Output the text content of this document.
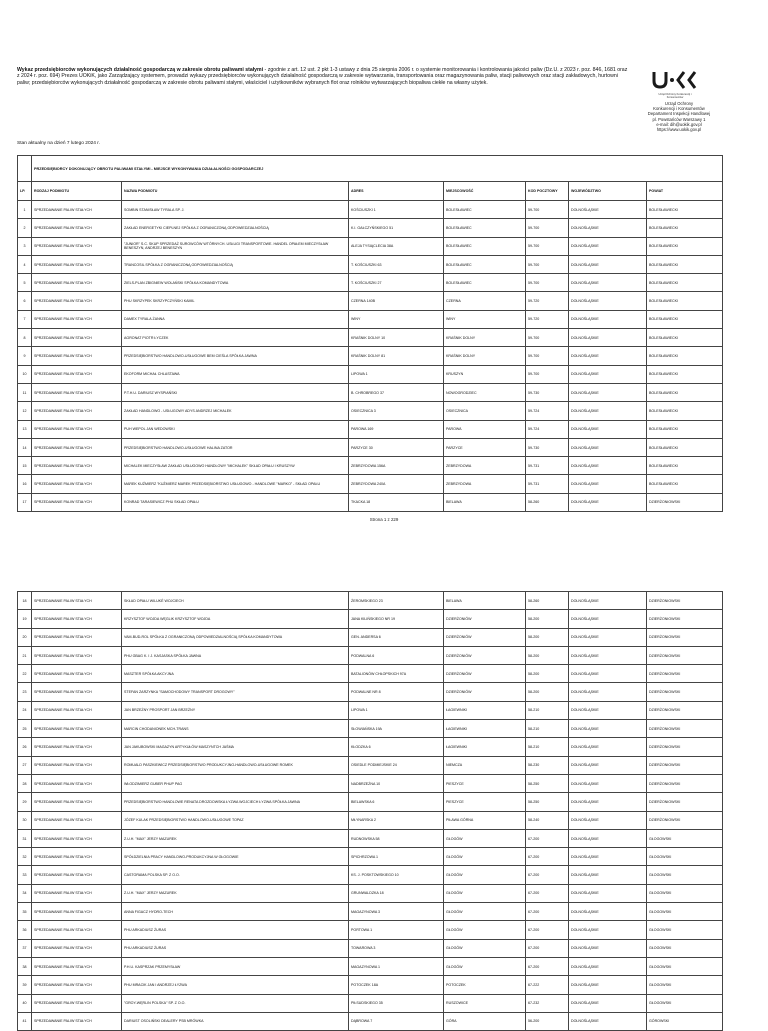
Wykaz przedsiębiorców wykonujących działalność gospodarczą w zakresie obrotu paliwami stałymi - zgodnie z art. 12 ust. 2 pkt 1-3 ustawy z dnia 25 sierpnia 2006 r. o systemie monitorowania i kontrolowania jakości paliw (Dz.U. z 2023 r. poz. 846, 1681 oraz z 2024 r. poz. 694) Prezes UOKiK, jako Zarządzający systemem, prowadzi wykazy przedsiębiorców wykonujących działalność gospodarczą w zakresie wytwarzania, transportowania oraz magazynowania paliw, stacji paliwowych oraz stacji zakładowych, hurtowni paliw; przedsiębiorców wykonujących działalność gospodarczą w zakresie obrotu paliwami stałymi, właściciel i użytkowników wybranych flot oraz rolników wytwarzających biopaliwa ciekłe na własny użytek.
Urząd Ochrony Konkurencji i Konsumentów
Urząd Ochrony
Konkurencji i Konsumentów
Departament Inspekcji Handlowej
pl. Powstańców Warszawy 1
e-mail: dih@uokik.gov.pl
https://www.uokik.gov.pl
Stan aktualny na dzień 7 lutego 2024 r.
	PRZEDSIĘBIORCY DOKONUJĄCY OBROTU PALIWAMI STAŁYMI - MIEJSCE WYKONYWANIA DZIAŁALNOŚCI GOSPODARCZEJ						
LP.	RODZAJ PODMIOTU	NAZWA PODMIOTU	ADRES	MIEJSCOWOŚĆ	KOD POCZTOWY	WOJEWÓDZTWO	POWIAT
1	SPRZEDAWANIE PALIW STAŁYCH	SOMBIN STANISŁAW TYRALA SP. J.	KOŚCIUSZKI 1	BOLESŁAWIEC	59-700	DOLNOŚLĄSKIE	BOLESŁAWIECKI
2	SPRZEDAWANIE PALIW STAŁYCH	ZAKŁAD ENERGETYKI CIEPLNEJ SPÓŁKA Z OGRANICZONĄ ODPOWIEDZIALNOŚCIĄ	K.I. GAŁCZYŃSKIEGO 51	BOLESŁAWIEC	59-700	DOLNOŚLĄSKIE	BOLESŁAWIECKI
3	SPRZEDAWANIE PALIW STAŁYCH	"JUNIOR" S.C. SKUP SPRZEDAŻ SUROWCÓW WTÓRNYCH. USŁUGI TRANSPORTOWE. HANDEL OPAŁEM MIECZYSŁAW BENESZYN, ANDRZEJ BENESZYN	ALEJA TYSIĄCLECIA 38A	BOLESŁAWIEC	59-700	DOLNOŚLĄSKIE	BOLESŁAWIECKI
4	SPRZEDAWANIE PALIW STAŁYCH	TRANCOSIL SPÓŁKA Z OGRANICZONĄ ODPOWIEDZIALNOŚCIĄ	T. KOŚCIUSZKI 63	BOLESŁAWIEC	59-700	DOLNOŚLĄSKIE	BOLESŁAWIECKI
5	SPRZEDAWANIE PALIW STAŁYCH	ZIELS-PLAN ZBIGNIEW WOLAŃSKI SPÓŁKA KOMANDYTOWA	T. KOŚCIUSZKI 27	BOLESŁAWIEC	59-700	DOLNOŚLĄSKIE	BOLESŁAWIECKI
6	SPRZEDAWANIE PALIW STAŁYCH	PHU SKRZYPEK SKRZYPCZYŃSKI KAMIL	CZERNA 140B	CZERNA	59-720	DOLNOŚLĄSKIE	BOLESŁAWIECKI
7	SPRZEDAWANIE PALIW STAŁYCH	DAMEX TYRALA ŻANNA	WINY	WINY	59-720	DOLNOŚLĄSKIE	BOLESŁAWIECKI
8	SPRZEDAWANIE PALIW STAŁYCH	AGRONAT PIOTR ŁYCZEK	KRAŚNIK DOLNY 10	KRAŚNIK DOLNY	59-700	DOLNOŚLĄSKIE	BOLESŁAWIECKI
9	SPRZEDAWANIE PALIW STAŁYCH	PRZEDSIĘBIORSTWO HANDLOWO-USŁUGOWE BEM CIEŚLA SPÓŁKA JAWNA	KRAŚNIK DOLNY 81	KRAŚNIK DOLNY	59-700	DOLNOŚLĄSKIE	BOLESŁAWIECKI
10	SPRZEDAWANIE PALIW STAŁYCH	EKOFORM MICHAŁ CHLASTAWA	LIPOWA 1	KRUSZYN	59-700	DOLNOŚLĄSKIE	BOLESŁAWIECKI
11	SPRZEDAWANIE PALIW STAŁYCH	P.T.H.U. DARIUSZ WYSPIAŃSKI	B. CHROBREGO 37	NOWOGRODZIEC	59-730	DOLNOŚLĄSKIE	BOLESŁAWIECKI
12	SPRZEDAWANIE PALIW STAŁYCH	ZAKŁAD HANDLOWO - USŁUGOWY ADYS ANDRZEJ MICHALEK	OSIECZNICA 3	OSIECZNICA	59-724	DOLNOŚLĄSKIE	BOLESŁAWIECKI
13	SPRZEDAWANIE PALIW STAŁYCH	PUH WEPOL JAN WEDOWSKI	PAROWA 169	PAROWA	59-724	DOLNOŚLĄSKIE	BOLESŁAWIECKI
14	SPRZEDAWANIE PALIW STAŁYCH	PRZEDSIĘBIORSTWO HANDLOWO-USŁUGOWE HALINA ZATOR	PARZYCE 30	PARZYCE	59-730	DOLNOŚLĄSKIE	BOLESŁAWIECKI
15	SPRZEDAWANIE PALIW STAŁYCH	MICHALEK MIECZYSŁAW ZAKŁAD USŁUGOWO HANDLOWY "MICHALEK" SKŁAD OPAŁU I KRUSZYW	ZEBRZYDOWA 156A	ZEBRZYDOWA	59-731	DOLNOŚLĄSKIE	BOLESŁAWIECKI
16	SPRZEDAWANIE PALIW STAŁYCH	MAREK KUŹMIERZ "KUŹMIERZ MAREK PRZEDSIĘBIORSTWO USŁUGOWO - HANDLOWE "MARKO" - SKŁAD OPAŁU	ZEBRZYDOWA 240A	ZEBRZYDOWA	59-731	DOLNOŚLĄSKIE	BOLESŁAWIECKI
17	SPRZEDAWANIE PALIW STAŁYCH	KONRAD TARASIEWICZ PHU SKŁAD OPAŁU	TKACKA 18	BIELAWA	58-260	DOLNOŚLĄSKIE	DZIERŻONIOWSKI
Strona 1 z 229
18	SPRZEDAWANIE PALIW STAŁYCH	SKŁAD OPAŁU WILUKÉ WOJCIECH	ŻEROMSKIEGO 23	BIELAWA	58-260	DOLNOŚLĄSKIE	DZIERŻONIOWSKI
19	SPRZEDAWANIE PALIW STAŁYCH	KRZYSZTOF WOJDA WĘGLIK KRZYSZTOF WOJDA	JANA KILIŃSKIEGO NR 19	DZIERŻONIÓW	58-200	DOLNOŚLĄSKIE	DZIERŻONIOWSKI
20	SPRZEDAWANIE PALIW STAŁYCH	VAM-BUD-ROL SPÓŁKA Z OGRANICZONĄ ODPOWIEDZIALNOŚCIĄ SPÓŁKA KOMANDYTOWA	GEN. ANDERSA 6	DZIERŻONIÓW	58-200	DOLNOŚLĄSKIE	DZIERŻONIOWSKI
21	SPRZEDAWANIE PALIW STAŁYCH	PHU GBAG K. I J. KASJASKA SPÓŁKA JAWNA	PODWALNA 6	DZIERŻONIÓW	58-200	DOLNOŚLĄSKIE	DZIERŻONIOWSKI
22	SPRZEDAWANIE PALIW STAŁYCH	MASZTER SPÓŁKA AKCYJNA	BATALIONÓW CHŁOPSKICH 97A	DZIERŻONIÓW	58-200	DOLNOŚLĄSKIE	DZIERŻONIOWSKI
23	SPRZEDAWANIE PALIW STAŁYCH	STEFAN ZARZYNKA "SAMOCHODOWY TRANSPORT DROGOWY"	PODWALNE NR 8	DZIERŻONIÓW	58-200	DOLNOŚLĄSKIE	DZIERŻONIOWSKI
24	SPRZEDAWANIE PALIW STAŁYCH	JAN BRZEŻNY PROSPORT JAN BRZEŻNY	LIPOWA 1	ŁAGIEWNIKI	58-210	DOLNOŚLĄSKIE	DZIERŻONIOWSKI
25	SPRZEDAWANIE PALIW STAŁYCH	MARCIN CHODANIONEK MCH-TRANS	SŁOWIAŃSKA 19A	ŁAGIEWNIKI	58-210	DOLNOŚLĄSKIE	DZIERŻONIOWSKI
26	SPRZEDAWANIE PALIW STAŁYCH	JAN JAKUBOWSKI MAGAZYN ARTYKUŁÓW MASZYNTCH JAŚMA	KŁODZKA 6	ŁAGIEWNIKI	58-210	DOLNOŚLĄSKIE	DZIERŻONIOWSKI
27	SPRZEDAWANIE PALIW STAŁYCH	ROMUALD PASZKIEWICZ PRZEDSIĘBIORSTWO PRODUKCYJNO-HANDLOWO-USŁUGOWE ROMEK	OSIEDLE PODMIEJSKIE 24	NIEMCZA	58-230	DOLNOŚLĄSKIE	DZIERŻONIOWSKI
28	SPRZEDAWANIE PALIW STAŁYCH	WŁODZIMIERZ GUBER PHUP PAG	NADBRZEŻNA 10	PIESZYCE	58-250	DOLNOŚLĄSKIE	DZIERŻONIOWSKI
29	SPRZEDAWANIE PALIW STAŁYCH	PRZEDSIĘBIORSTWO HANDLOWE RENATA DROZDOWSKA ŁYZWA WOJCIECH ŁYZWA SPÓŁKA JAWNA	BIELAWSKA 6	PIESZYCE	58-250	DOLNOŚLĄSKIE	DZIERŻONIOWSKI
30	SPRZEDAWANIE PALIW STAŁYCH	JÓZEF KULAK PRZEDSIĘBIORSTWO HANDLOWO-USŁUGOWE TOPAZ	MŁYNARSKA 2	PIŁAWA GÓRNA	58-240	DOLNOŚLĄSKIE	DZIERŻONIOWSKI
31	SPRZEDAWANIE PALIW STAŁYCH	Z.U.H. "MAX" JERZY MAZUREK	RUDNOWSKA 58	GŁOGÓW	67-200	DOLNOŚLĄSKIE	GŁOGOWSKI
32	SPRZEDAWANIE PALIW STAŁYCH	SPÓŁDZIELNIA PRACY HANDLOWO-PRODUKCYJNA W GŁOGOWIE	SPICHRZOWA 1	GŁOGÓW	67-200	DOLNOŚLĄSKIE	GŁOGOWSKI
33	SPRZEDAWANIE PALIW STAŁYCH	CASTORAMA POLSKA SP. Z O.O.	KS. J. POSKTOWSKIEGO 10	GŁOGÓW	67-200	DOLNOŚLĄSKIE	GŁOGOWSKI
34	SPRZEDAWANIE PALIW STAŁYCH	Z.U.H. "MAX" JERZY MAZUREK	GRUNWALDZKA 18	GŁOGÓW	67-200	DOLNOŚLĄSKIE	GŁOGOWSKI
35	SPRZEDAWANIE PALIW STAŁYCH	ANNA FIGACZ HYDRO-TECH	MAGAZYNOWA 3	GŁOGÓW	67-200	DOLNOŚLĄSKIE	GŁOGOWSKI
36	SPRZEDAWANIE PALIW STAŁYCH	PHU ARKADIUSZ ŻURAS	PORTOWA 1	GŁOGÓW	67-200	DOLNOŚLĄSKIE	GŁOGOWSKI
37	SPRZEDAWANIE PALIW STAŁYCH	PHU ARKADIUSZ ŻURAS	TOWAROWA 3	GŁOGÓW	67-200	DOLNOŚLĄSKIE	GŁOGOWSKI
38	SPRZEDAWANIE PALIW STAŁYCH	P.H.U. KASPRZAK PRZEMYSŁAW	MAGAZYNOWA 1	GŁOGÓW	67-200	DOLNOŚLĄSKIE	GŁOGOWSKI
39	SPRZEDAWANIE PALIW STAŁYCH	PHU MRACIK JAN I ANDRZEJ ŁYZWA	POTOCZEK 18A	POTOCZEK	67-222	DOLNOŚLĄSKIE	GŁOGOWSKI
40	SPRZEDAWANIE PALIW STAŁYCH	"GROY-WĘRLIN POLSKA" SP. Z O.O.	PIŁSUDSKIEGO 35	RUSZOWICE	67-232	DOLNOŚLĄSKIE	GŁOGOWSKI
41	SPRZEDAWANIE PALIW STAŁYCH	DARIUST OSOLIŃSKI DEALERY PSB MRÓWKA	DĄBROWA 7	GÓRA	56-200	DOLNOŚLĄSKIE	GÓROWSKI
